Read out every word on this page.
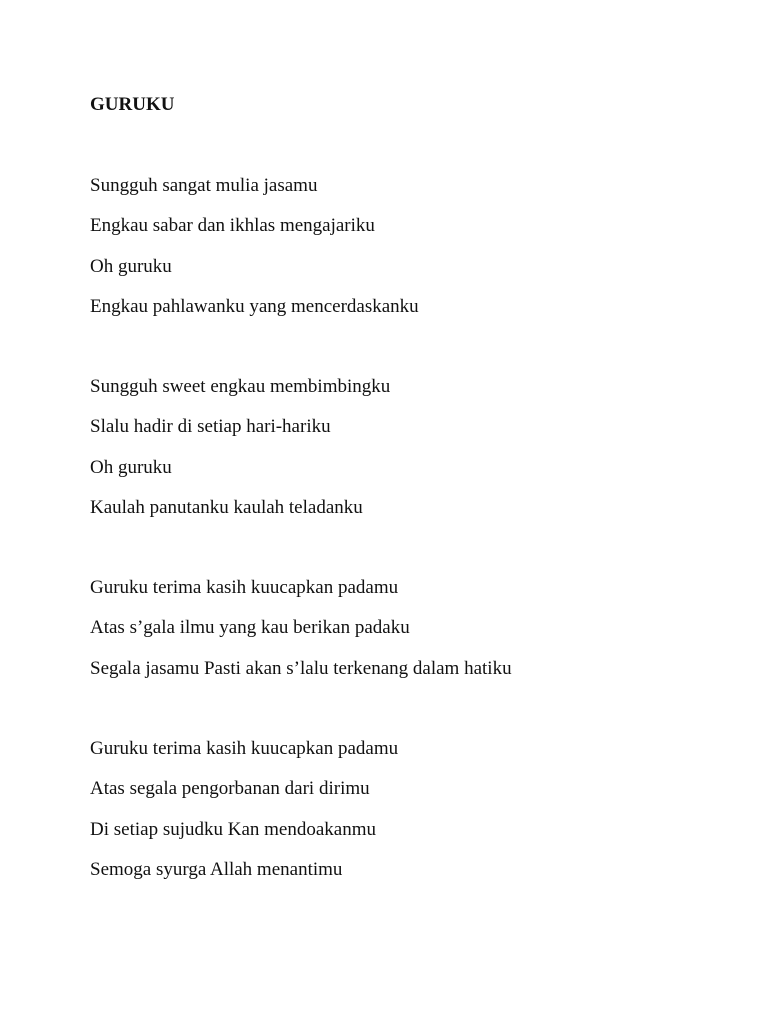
GURUKU
Sungguh sangat mulia jasamu
Engkau sabar dan ikhlas mengajariku
Oh guruku
Engkau pahlawanku yang mencerdaskanku
Sungguh sweet engkau membimbingku
Slalu hadir di setiap hari-hariku
Oh guruku
Kaulah panutanku kaulah teladanku
Guruku terima kasih kuucapkan padamu
Atas s’gala ilmu yang kau berikan padaku
Segala jasamu Pasti akan s’lalu terkenang dalam hatiku
Guruku terima kasih kuucapkan padamu
Atas segala pengorbanan dari dirimu
Di setiap sujudku Kan mendoakanmu
Semoga syurga Allah menantimu
